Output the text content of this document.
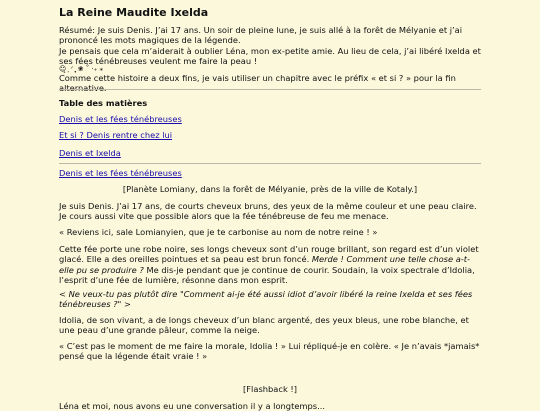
La Reine Maudite Ixelda

Résumé: Je suis Denis. J’ai 17 ans. Un soir de pleine lune, je suis allé à la forêt de Mélyanie et j’ai prononcé les mots magiques de la légende.

Je pensais que cela m’aiderait à oublier Léna, mon ex-petite amie. Au lieu de cela, j’ai libéré Ixelda et ses fées ténébreuses veulent me faire la peau !

☺̥ ͙ ᐟ ͙̥̥ ❀ ˚ ‧₊ ⁎

Comme cette histoire a deux fins, je vais utiliser un chapitre avec le préfix « et si ? » pour la fin alternative.

Table des matières

Denis et les fées ténébreuses

Et si ? Denis rentre chez lui

Denis et Ixelda

Denis et les fées ténébreuses

[Planète Lomiany, dans la forêt de Mélyanie, près de la ville de Kotaly.]

Je suis Denis. J’ai 17 ans, de courts cheveux bruns, des yeux de la même couleur et une peau claire. Je cours aussi vite que possible alors que la fée ténébreuse de feu me menace.

« Reviens ici, sale Lomianyien, que je te carbonise au nom de notre reine ! »

Cette fée porte une robe noire, ses longs cheveux sont d’un rouge brillant, son regard est d’un violet glacé. Elle a des oreilles pointues et sa peau est brun foncé. Merde ! Comment une telle chose a-t-elle pu se produire ? Me dis-je pendant que je continue de courir. Soudain, la voix spectrale d’Idolia, l’esprit d’une fée de lumière, résonne dans mon esprit.

< Ne veux-tu pas plutôt dire "Comment ai-je été aussi idiot d’avoir libéré la reine Ixelda et ses fées ténébreuses ?" >

Idolia, de son vivant, a de longs cheveux d’un blanc argenté, des yeux bleus, une robe blanche, et une peau d’une grande pâleur, comme la neige.

« C’est pas le moment de me faire la morale, Idolia ! » Lui répliqué-je en colère. « Je n’avais *jamais* pensé que la légende était vraie ! »

[Flashback !]

Léna et moi, nous avons eu une conversation il y a longtemps...
